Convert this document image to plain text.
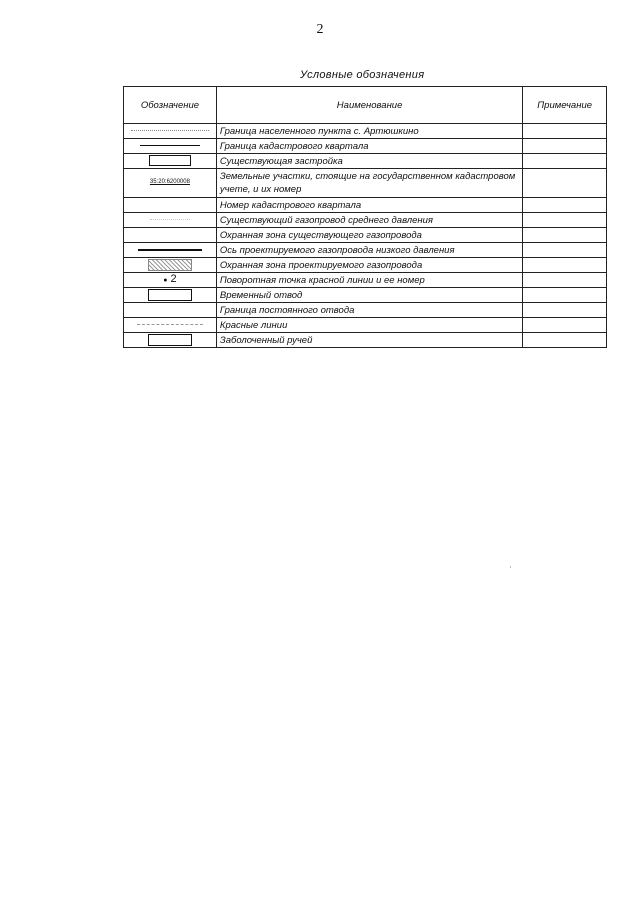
2
Условные обозначения
Обозначение	Наименование	Примечание
	Граница населенного пункта с. Артюшкино	
	Граница кадастрового квартала	
	Существующая застройка	
35:20:6200008	Земельные участки, стоящие на государственном кадастровом учете, и их номер	
	Номер кадастрового квартала	
	Существующий газопровод среднего давления	
	Охранная зона существующего газопровода	
	Ось проектируемого газопровода низкого давления	
	Охранная зона проектируемого газопровода	
● 2	Поворотная точка красной линии и ее номер	
	Временный отвод	
	Граница постоянного отвода	
	Красные линии	
	Заболоченный ручей	
